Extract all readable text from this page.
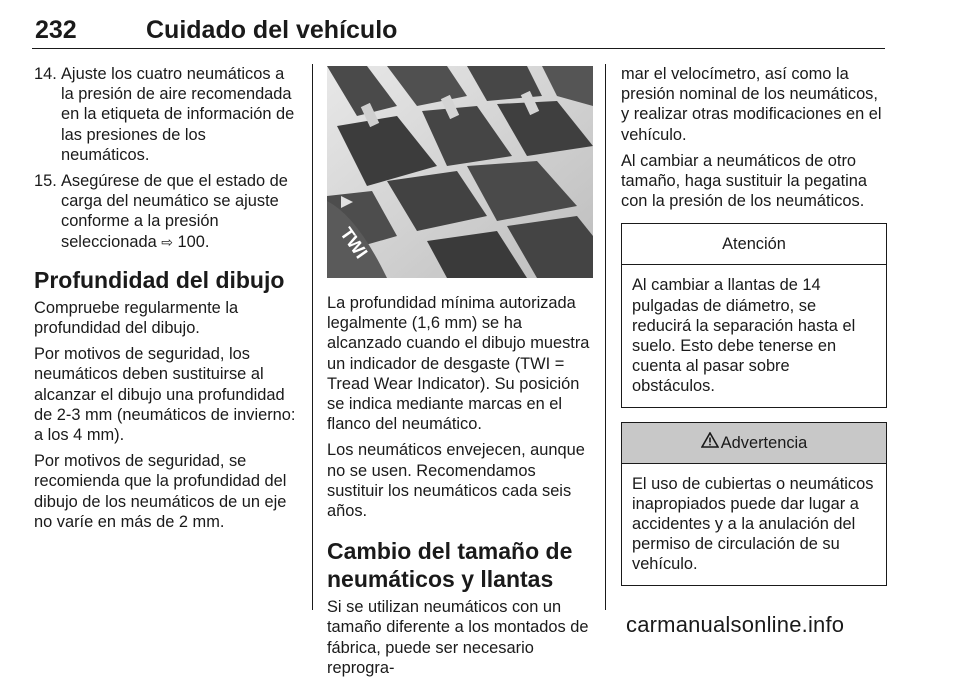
232	Cuidado del vehículo
14. Ajuste los cuatro neumáticos a la presión de aire recomendada en la etiqueta de información de las presiones de los neumáticos.
15. Asegúrese de que el estado de carga del neumático se ajuste conforme a la presión seleccionada ⇨ 100.
Profundidad del dibujo

Compruebe regularmente la profundidad del dibujo.

Por motivos de seguridad, los neumáticos deben sustituirse al alcanzar el dibujo una profundidad de 2-3 mm (neumáticos de invierno: a los 4 mm).

Por motivos de seguridad, se recomienda que la profundidad del dibujo de los neumáticos de un eje no varíe en más de 2 mm.

TWI

La profundidad mínima autorizada legalmente (1,6 mm) se ha alcanzado cuando el dibujo muestra un indicador de desgaste (TWI = Tread Wear Indicator). Su posición se indica mediante marcas en el flanco del neumático.

Los neumáticos envejecen, aunque no se usen. Recomendamos sustituir los neumáticos cada seis años.

Cambio del tamaño de neumáticos y llantas

Si se utilizan neumáticos con un tamaño diferente a los montados de fábrica, puede ser necesario reprogra-

mar el velocímetro, así como la presión nominal de los neumáticos, y realizar otras modificaciones en el vehículo.

Al cambiar a neumáticos de otro tamaño, haga sustituir la pegatina con la presión de los neumáticos.

Atención
Al cambiar a llantas de 14 pulgadas de diámetro, se reducirá la separación hasta el suelo. Esto debe tenerse en cuenta al pasar sobre obstáculos.
Advertencia
El uso de cubiertas o neumáticos inapropiados puede dar lugar a accidentes y a la anulación del permiso de circulación de su vehículo.
carmanualsonline.info
